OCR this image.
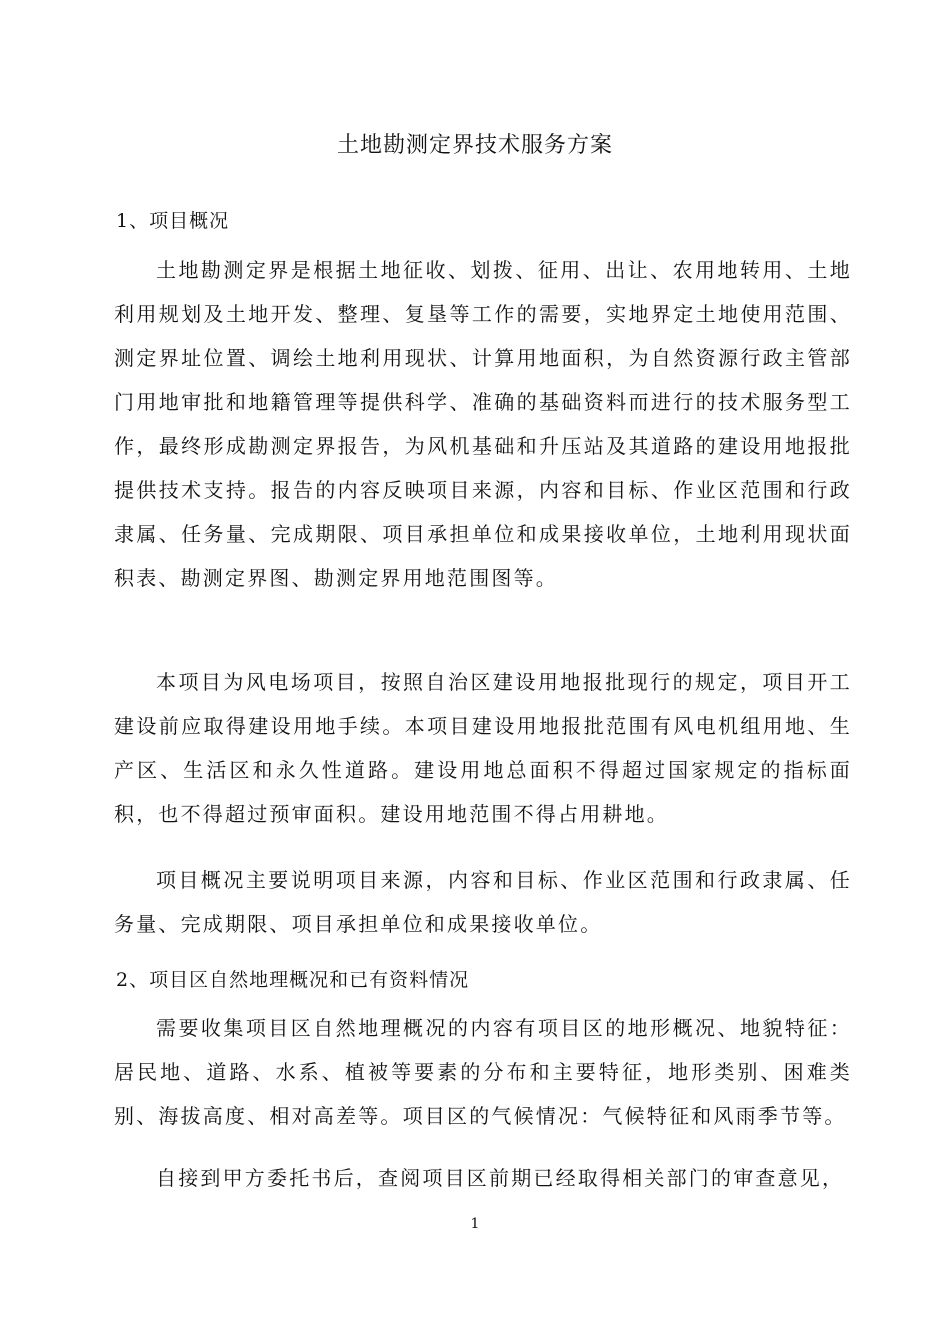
土地勘测定界技术服务方案
1、项目概况
土地勘测定界是根据土地征收、划拨、征用、出让、农用地转用、土地利用规划及土地开发、整理、复垦等工作的需要，实地界定土地使用范围、测定界址位置、调绘土地利用现状、计算用地面积，为自然资源行政主管部门用地审批和地籍管理等提供科学、准确的基础资料而进行的技术服务型工作，最终形成勘测定界报告，为风机基础和升压站及其道路的建设用地报批提供技术支持。报告的内容反映项目来源，内容和目标、作业区范围和行政隶属、任务量、完成期限、项目承担单位和成果接收单位，土地利用现状面积表、勘测定界图、勘测定界用地范围图等。
本项目为风电场项目，按照自治区建设用地报批现行的规定，项目开工建设前应取得建设用地手续。本项目建设用地报批范围有风电机组用地、生产区、生活区和永久性道路。建设用地总面积不得超过国家规定的指标面积，也不得超过预审面积。建设用地范围不得占用耕地。
项目概况主要说明项目来源，内容和目标、作业区范围和行政隶属、任务量、完成期限、项目承担单位和成果接收单位。
2、项目区自然地理概况和已有资料情况
需要收集项目区自然地理概况的内容有项目区的地形概况、地貌特征：居民地、道路、水系、植被等要素的分布和主要特征，地形类别、困难类别、海拔高度、相对高差等。项目区的气候情况：气候特征和风雨季节等。
自接到甲方委托书后，查阅项目区前期已经取得相关部门的审查意见，
1
